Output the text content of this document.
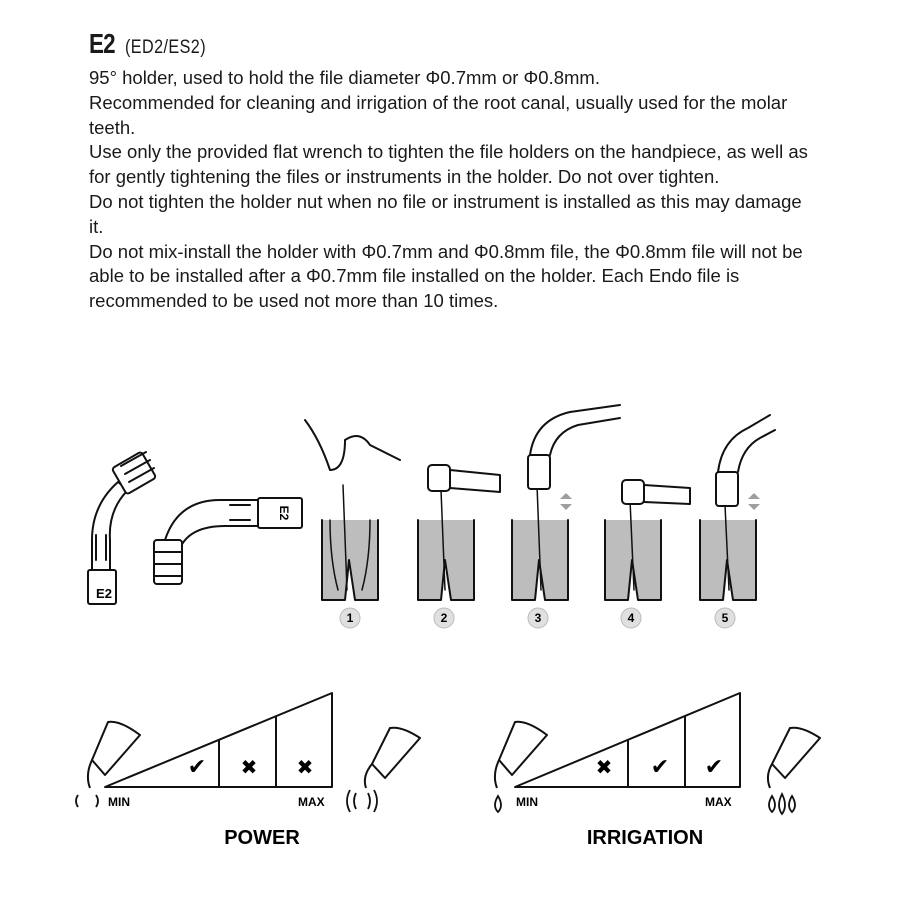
E2 (ED2/ES2)

95° holder, used to hold the file diameter Φ0.7mm or Φ0.8mm.

Recommended for cleaning and irrigation of the root canal, usually used for the molar teeth.

Use only the provided flat wrench to tighten the file holders on the handpiece, as well as for gently tightening the files or instruments in the holder. Do not over tighten.

Do not tighten the holder nut when no file or instrument is installed as this may damage it.

Do not mix-install the holder with Φ0.7mm and Φ0.8mm file, the Φ0.8mm file will not be able to be installed after a Φ0.7mm file installed on the holder. Each Endo file is recommended to be used not more than 10 times.

E2
E2
1	2	3	4	5
✔ ✖ ✖
MIN	MAX
POWER
✖ ✔ ✔
MIN	MAX
IRRIGATION
